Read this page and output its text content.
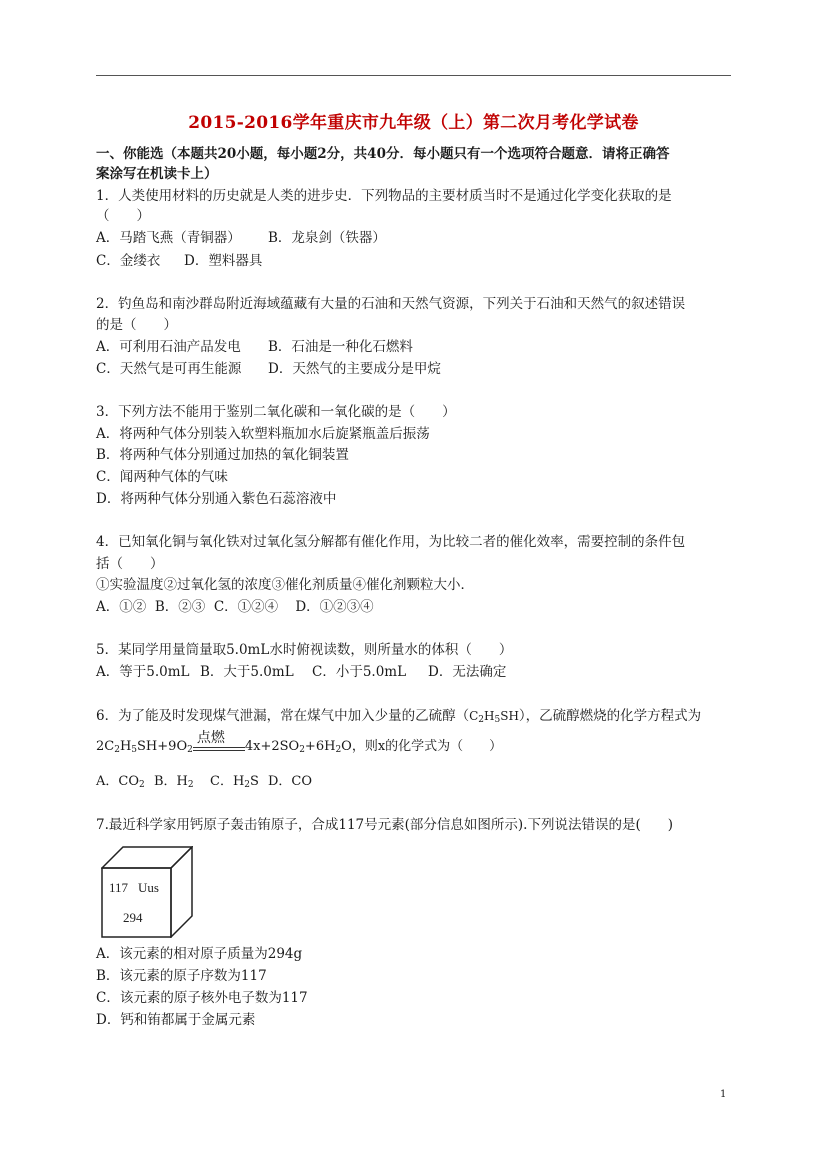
2015-2016学年重庆市九年级（上）第二次月考化学试卷
一、你能选（本题共20小题，每小题2分，共40分．每小题只有一个选项符合题意．请将正确答
案涂写在机读卡上）
1．人类使用材料的历史就是人类的进步史．下列物品的主要材质当时不是通过化学变化获取的是
（　　）
A．马踏飞燕（青铜器） B．龙泉剑（铁器）
C．金缕衣 D．塑料器具
2．钓鱼岛和南沙群岛附近海域蕴藏有大量的石油和天然气资源，下列关于石油和天然气的叙述错误
的是（　　）
A．可利用石油产品发电 B．石油是一种化石燃料
C．天然气是可再生能源 D．天然气的主要成分是甲烷
3．下列方法不能用于鉴别二氧化碳和一氧化碳的是（　　）
A．将两种气体分别装入软塑料瓶加水后旋紧瓶盖后振荡
B．将两种气体分别通过加热的氧化铜装置
C．闻两种气体的气味
D．将两种气体分别通入紫色石蕊溶液中
4．已知氧化铜与氧化铁对过氧化氢分解都有催化作用，为比较二者的催化效率，需要控制的条件包
括（　　）
①实验温度②过氧化氢的浓度③催化剂质量④催化剂颗粒大小．
A．①②  B．②③  C．①②④    D．①②③④
5．某同学用量筒量取5.0mL水时俯视读数，则所量水的体积（　　）
A．等于5.0mL B．大于5.0mL C．小于5.0mL D．无法确定
6．为了能及时发现煤气泄漏，常在煤气中加入少量的乙硫醇$(C_2H_5SH)$，乙硫醇燃烧的化学方程式为
$2C_2H_5SH+9O_2$
点燃
$4x+2SO_2+6H_2O$，则x的化学式为（　　）
A．CO2 B．H2 C．H2S D．CO
7.最近科学家用钙原子轰击铕原子，合成117号元素(部分信息如图所示).下列说法错误的是(　　)
117 Uus
294
A．该元素的相对原子质量为294g
B．该元素的原子序数为117
C．该元素的原子核外电子数为117
D．钙和铕都属于金属元素
1
